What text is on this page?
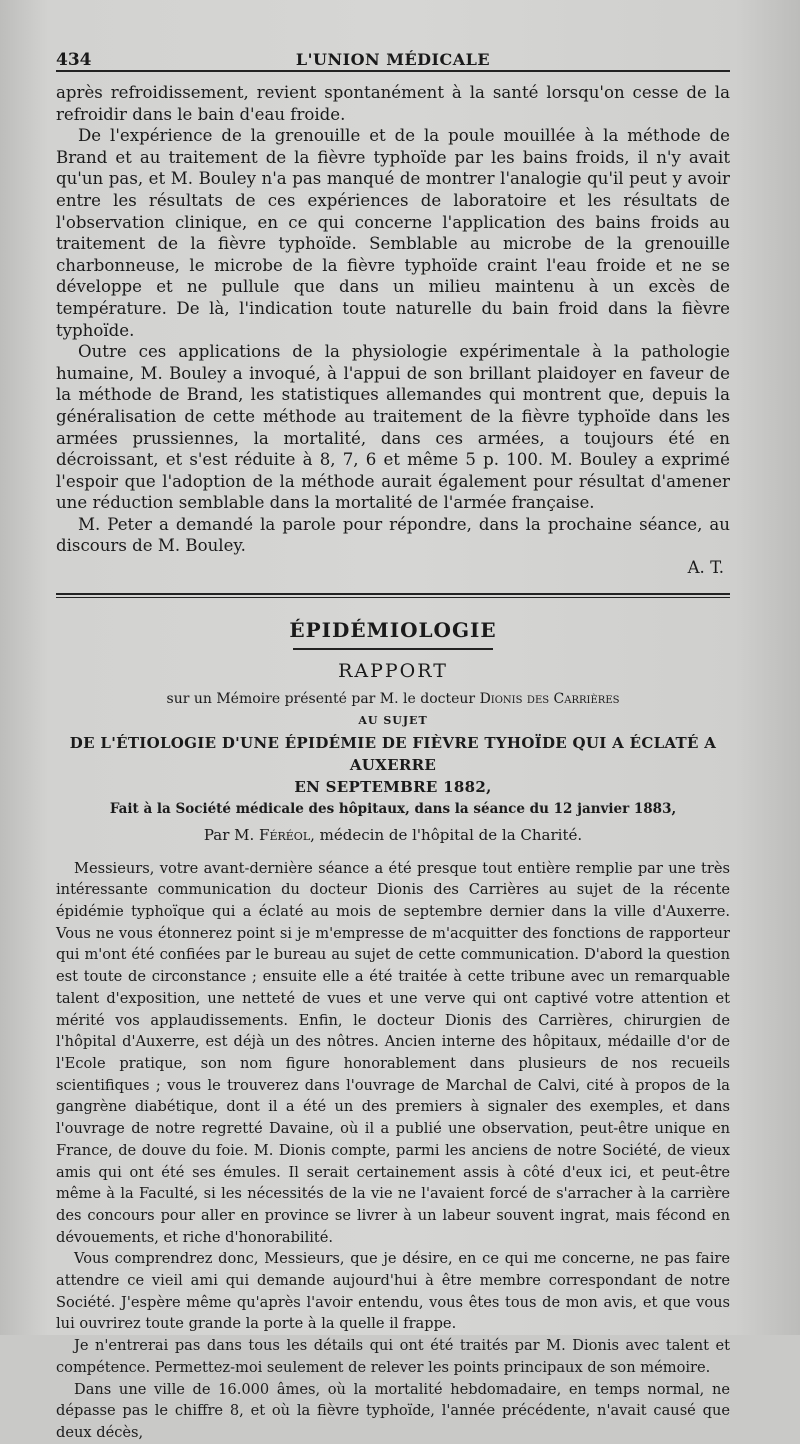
434	L'UNION MÉDICALE

après refroidissement, revient spontanément à la santé lorsqu'on cesse de la refroidir dans le bain d'eau froide.

De l'expérience de la grenouille et de la poule mouillée à la méthode de Brand et au traitement de la fièvre typhoïde par les bains froids, il n'y avait qu'un pas, et M. Bouley n'a pas manqué de montrer l'analogie qu'il peut y avoir entre les résultats de ces expériences de laboratoire et les résultats de l'observation clinique, en ce qui concerne l'application des bains froids au traitement de la fièvre typhoïde. Semblable au microbe de la grenouille charbonneuse, le microbe de la fièvre typhoïde craint l'eau froide et ne se développe et ne pullule que dans un milieu maintenu à un excès de température. De là, l'indication toute naturelle du bain froid dans la fièvre typhoïde.

Outre ces applications de la physiologie expérimentale à la pathologie humaine, M. Bouley a invoqué, à l'appui de son brillant plaidoyer en faveur de la méthode de Brand, les statistiques allemandes qui montrent que, depuis la généralisation de cette méthode au traitement de la fièvre typhoïde dans les armées prussiennes, la mortalité, dans ces armées, a toujours été en décroissant, et s'est réduite à 8, 7, 6 et même 5 p. 100. M. Bouley a exprimé l'espoir que l'adoption de la méthode aurait également pour résultat d'amener une réduction semblable dans la mortalité de l'armée française.

M. Peter a demandé la parole pour répondre, dans la prochaine séance, au discours de M. Bouley.

A. T.
ÉPIDÉMIOLOGIE
RAPPORT
sur un Mémoire présenté par M. le docteur Dionis des Carrières
AU SUJET
DE L'ÉTIOLOGIE D'UNE ÉPIDÉMIE DE FIÈVRE TYHOÏDE QUI A ÉCLATÉ A AUXERRE
EN SEPTEMBRE 1882,
Fait à la Société médicale des hôpitaux, dans la séance du 12 janvier 1883,
Par M. Féréol, médecin de l'hôpital de la Charité.

Messieurs, votre avant-dernière séance a été presque tout entière remplie par une très intéressante communication du docteur Dionis des Carrières au sujet de la récente épidémie typhoïque qui a éclaté au mois de septembre dernier dans la ville d'Auxerre. Vous ne vous étonnerez point si je m'empresse de m'acquitter des fonctions de rapporteur qui m'ont été confiées par le bureau au sujet de cette communication. D'abord la question est toute de circonstance ; ensuite elle a été traitée à cette tribune avec un remarquable talent d'exposition, une netteté de vues et une verve qui ont captivé votre attention et mérité vos applaudissements. Enfin, le docteur Dionis des Carrières, chirurgien de l'hôpital d'Auxerre, est déjà un des nôtres. Ancien interne des hôpitaux, médaille d'or de l'Ecole pratique, son nom figure honorablement dans plusieurs de nos recueils scientifiques ; vous le trouverez dans l'ouvrage de Marchal de Calvi, cité à propos de la gangrène diabétique, dont il a été un des premiers à signaler des exemples, et dans l'ouvrage de notre regretté Davaine, où il a publié une observation, peut-être unique en France, de douve du foie. M. Dionis compte, parmi les anciens de notre Société, de vieux amis qui ont été ses émules. Il serait certainement assis à côté d'eux ici, et peut-être même à la Faculté, si les nécessités de la vie ne l'avaient forcé de s'arracher à la carrière des concours pour aller en province se livrer à un labeur souvent ingrat, mais fécond en dévouements, et riche d'honorabilité.

Vous comprendrez donc, Messieurs, que je désire, en ce qui me concerne, ne pas faire attendre ce vieil ami qui demande aujourd'hui à être membre correspondant de notre Société. J'espère même qu'après l'avoir entendu, vous êtes tous de mon avis, et que vous lui ouvrirez toute grande la porte à la quelle il frappe.

Je n'entrerai pas dans tous les détails qui ont été traités par M. Dionis avec talent et compétence. Permettez-moi seulement de relever les points principaux de son mémoire.

Dans une ville de 16.000 âmes, où la mortalité hebdomadaire, en temps normal, ne dépasse pas le chiffre 8, et où la fièvre typhoïde, l'année précédente, n'avait causé que deux décès,
